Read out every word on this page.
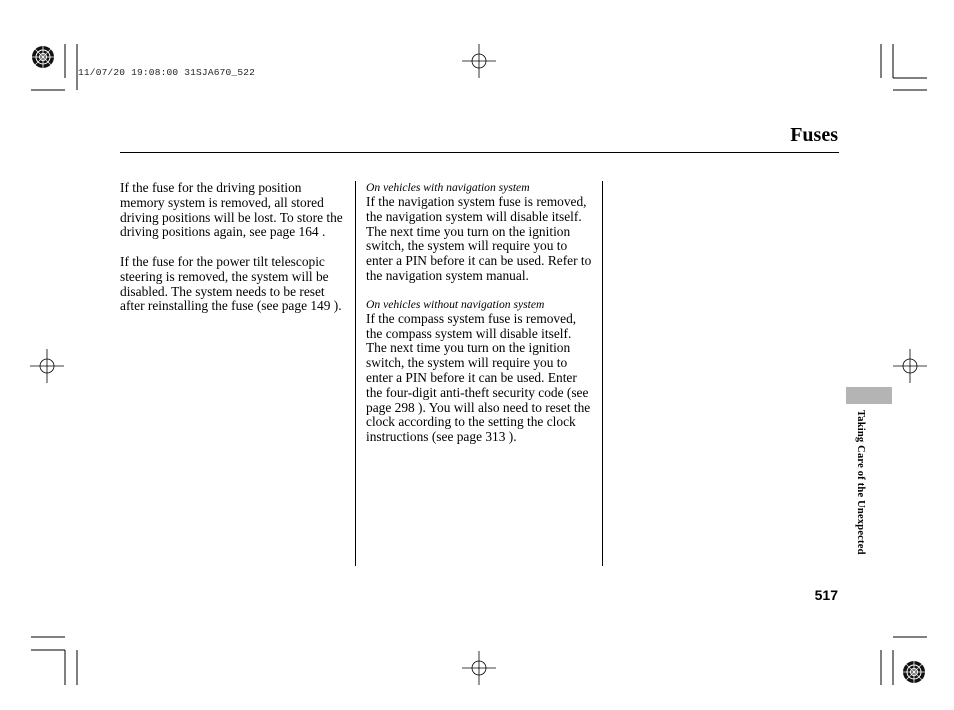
11/07/20 19:08:00 31SJA670_522
Fuses

If the fuse for the driving position memory system is removed, all stored driving positions will be lost. To store the driving positions again, see page 164 .

If the fuse for the power tilt telescopic steering is removed, the system will be disabled. The system needs to be reset after reinstalling the fuse (see page 149 ).

On vehicles with navigation system

If the navigation system fuse is removed, the navigation system will disable itself. The next time you turn on the ignition switch, the system will require you to enter a PIN before it can be used. Refer to the navigation system manual.

On vehicles without navigation system

If the compass system fuse is removed, the compass system will disable itself. The next time you turn on the ignition switch, the system will require you to enter a PIN before it can be used. Enter the four-digit anti-theft security code (see page 298 ). You will also need to reset the clock according to the setting the clock instructions (see page 313 ).	Taking Care of the Unexpected
517
